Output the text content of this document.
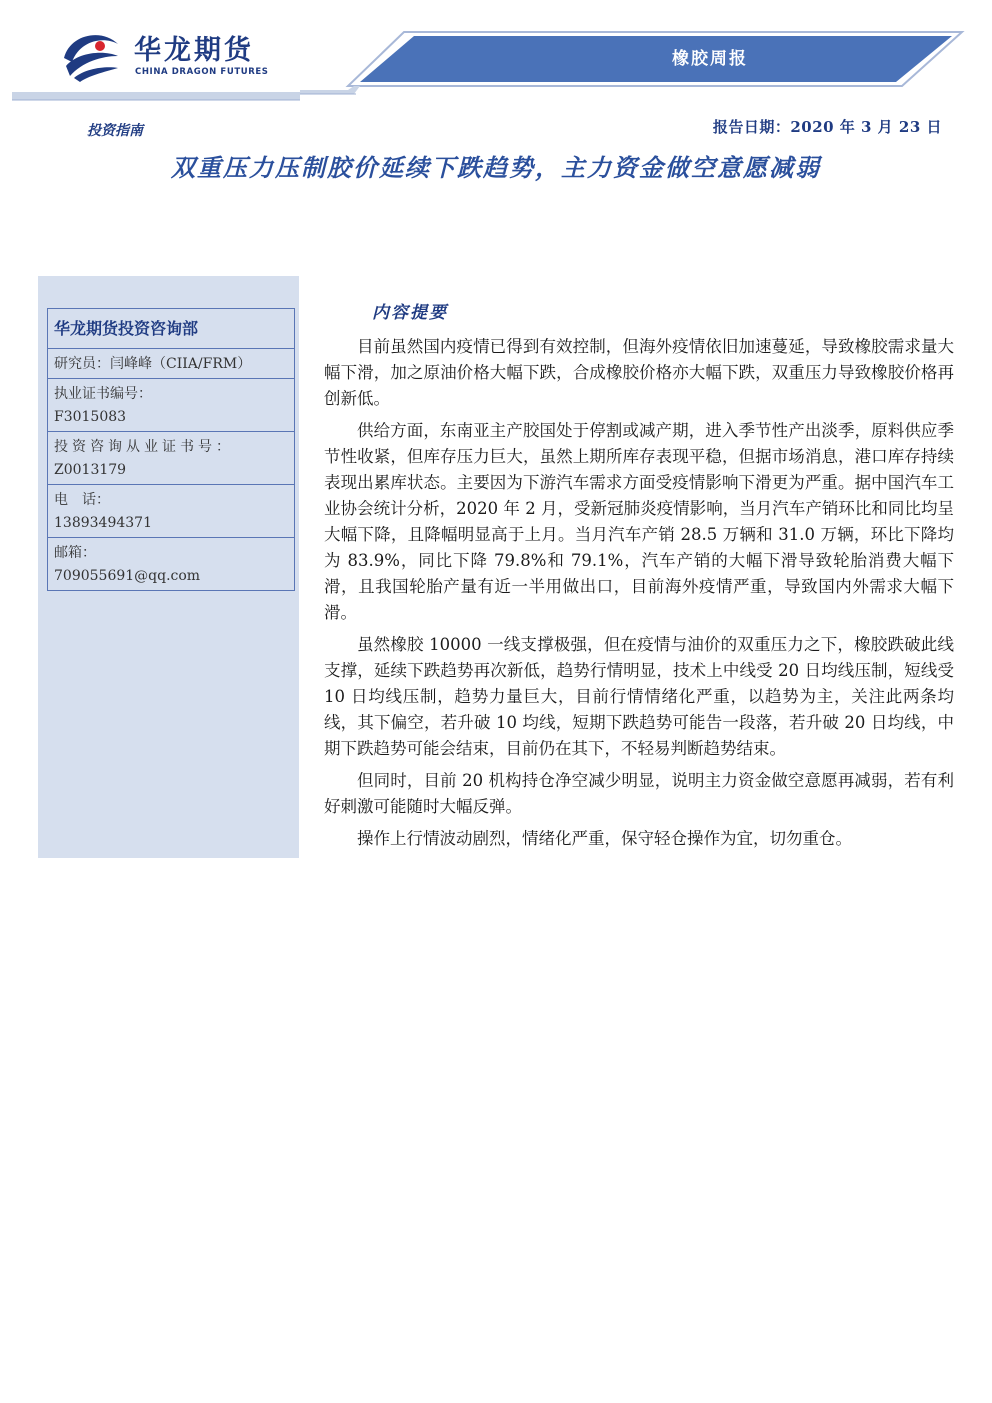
华龙期货
CHINA DRAGON FUTURES
橡胶周报
投资指南	报告日期：2020 年 3 月 23 日
双重压力压制胶价延续下跌趋势，主力资金做空意愿减弱
华龙期货投资咨询部
研究员：闫峰峰（CIIA/FRM）
执业证书编号：
F3015083
投资咨询从业证书号：
Z0013179
电　话：
13893494371
邮箱：
709055691@qq.com
内容提要

目前虽然国内疫情已得到有效控制，但海外疫情依旧加速蔓延，导致橡胶需求量大幅下滑，加之原油价格大幅下跌，合成橡胶价格亦大幅下跌，双重压力导致橡胶价格再创新低。

供给方面，东南亚主产胶国处于停割或减产期，进入季节性产出淡季，原料供应季节性收紧，但库存压力巨大，虽然上期所库存表现平稳，但据市场消息，港口库存持续表现出累库状态。主要因为下游汽车需求方面受疫情影响下滑更为严重。据中国汽车工业协会统计分析，2020 年 2 月，受新冠肺炎疫情影响，当月汽车产销环比和同比均呈大幅下降，且降幅明显高于上月。当月汽车产销 28.5 万辆和 31.0 万辆，环比下降均为 83.9%，同比下降 79.8%和 79.1%，汽车产销的大幅下滑导致轮胎消费大幅下滑，且我国轮胎产量有近一半用做出口，目前海外疫情严重，导致国内外需求大幅下滑。

虽然橡胶 10000 一线支撑极强，但在疫情与油价的双重压力之下，橡胶跌破此线支撑，延续下跌趋势再次新低，趋势行情明显，技术上中线受 20 日均线压制，短线受 10 日均线压制，趋势力量巨大，目前行情情绪化严重，以趋势为主，关注此两条均线，其下偏空，若升破 10 均线，短期下跌趋势可能告一段落，若升破 20 日均线，中期下跌趋势可能会结束，目前仍在其下，不轻易判断趋势结束。

但同时，目前 20 机构持仓净空减少明显，说明主力资金做空意愿再减弱，若有利好刺激可能随时大幅反弹。

操作上行情波动剧烈，情绪化严重，保守轻仓操作为宜，切勿重仓。
